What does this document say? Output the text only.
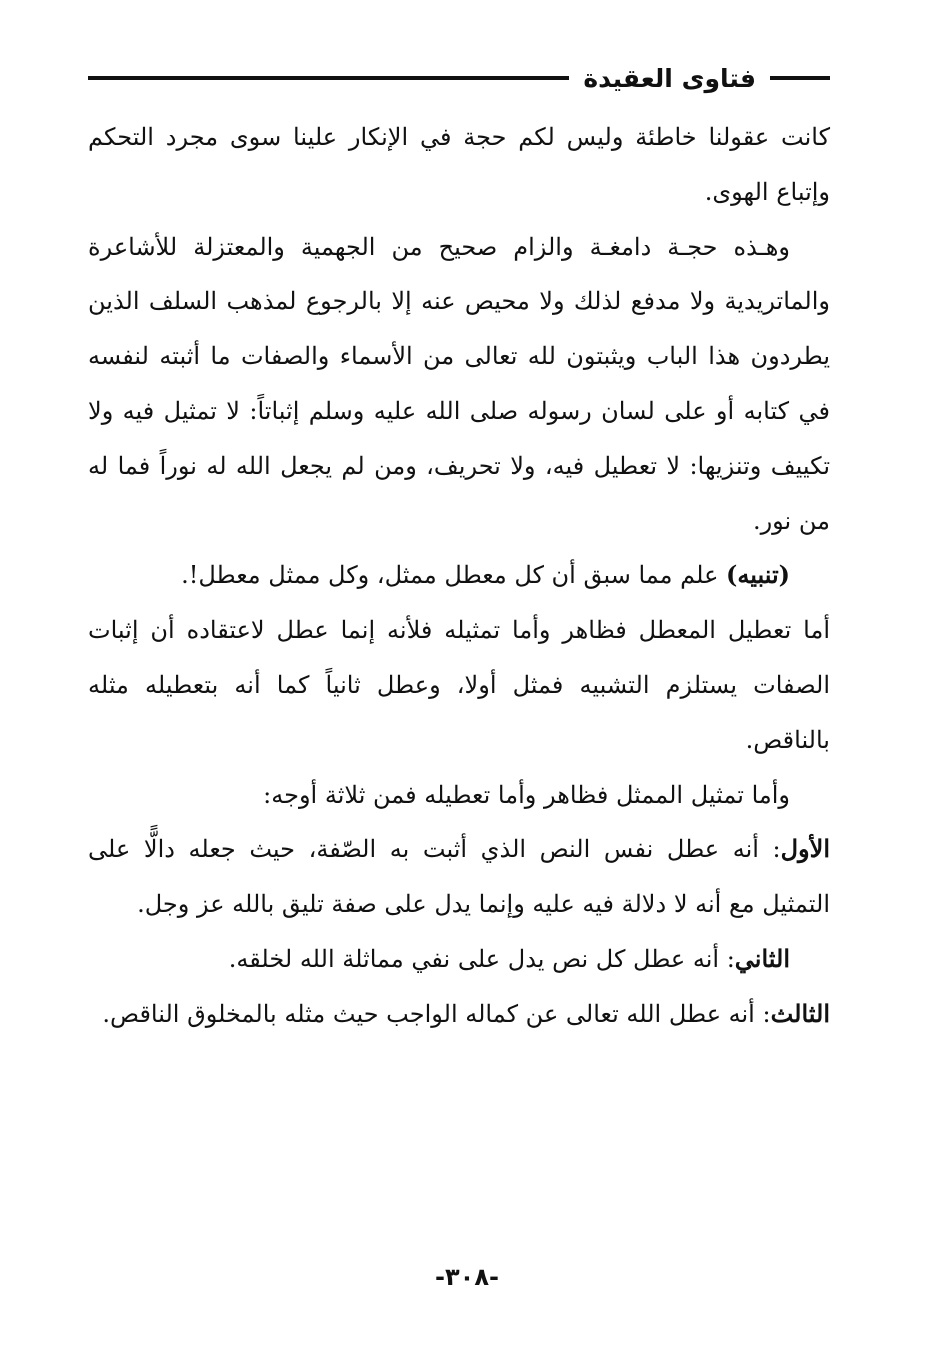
فتاوى العقيدة

كانت عقولنا خاطئة وليس لكم حجة في الإنكار علينا سوى مجرد التحكم وإتباع الهوى.

وهـذه حجـة دامغـة والزام صحيح من الجهمية والمعتزلة للأشاعرة والماتريدية ولا مدفع لذلك ولا محيص عنه إلا بالرجوع لمذهب السلف الذين يطردون هذا الباب ويثبتون لله تعالى من الأسماء والصفات ما أثبته لنفسه في كتابه أو على لسان رسوله صلى الله عليه وسلم إثباتاً: لا تمثيل فيه ولا تكييف وتنزيها: لا تعطيل فيه، ولا تحريف، ومن لم يجعل الله له نوراً فما له من نور.

(تنبيه) علم مما سبق أن كل معطل ممثل، وكل ممثل معطل!.

أما تعطيل المعطل فظاهر وأما تمثيله فلأنه إنما عطل لاعتقاده أن إثبات الصفات يستلزم التشبيه فمثل أولا، وعطل ثانياً كما أنه بتعطيله مثله بالناقص.

وأما تمثيل الممثل فظاهر وأما تعطيله فمن ثلاثة أوجه:

الأول: أنه عطل نفس النص الذي أثبت به الصّفة، حيث جعله دالًّا على التمثيل مع أنه لا دلالة فيه عليه وإنما يدل على صفة تليق بالله عز وجل.

الثاني: أنه عطل كل نص يدل على نفي مماثلة الله لخلقه.

الثالث: أنه عطل الله تعالى عن كماله الواجب حيث مثله بالمخلوق الناقص.

-٣٠٨-
